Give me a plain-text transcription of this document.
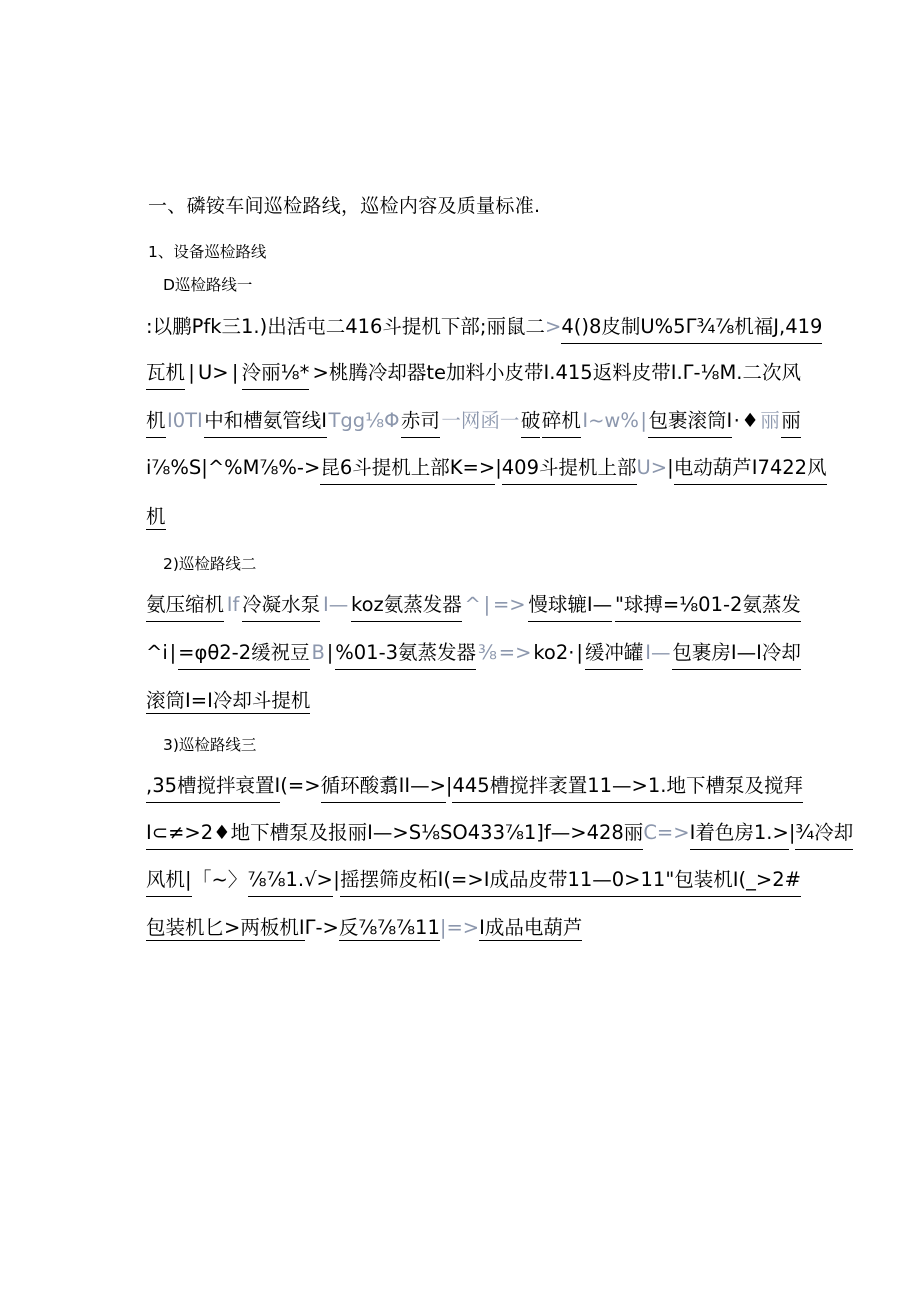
一、磷铵车间巡检路线，巡检内容及质量标准.
1、设备巡检路线
D巡检路线一
:以鹏Pfk三1.)出活屯二416斗提机下部;丽鼠二 > 4()8皮制U%5Γ¾⅞机福J,419
瓦机 | U> | 泠丽⅛* >桃腾冷却器te加料小皮带I.415返料皮带I.Γ-⅛M.二次风
机 I0TI 中和槽氨管线I Tgg⅛Φ 赤司 一网函一 破 碎机 I~w% | 包裹滚筒I · ♦ 丽 丽
i⅞%S | ^%M⅞%-> 昆6斗提机上部K=> | 409斗提机上部 U> | 电动葫芦I7422风
机
2)巡检路线二
氨压缩机 If 冷凝水泵 I— koz氨蒸发器 ^ | => 慢球辘I— "球搏=⅛01-2氨蒸发
^i | =φθ2-2缓祝豆 B | %01-3氨蒸发器 ⅜ => ko2· | 缓冲罐 I— 包裹房I—I冷却
滚筒I=I冷却斗提机
3)巡检路线三
,35槽搅拌衰置I (=> 循环酸翥II—> | 445槽搅拌袤置11—>1.地下槽泵及搅拜
I⊂≠>2♦地下槽泵及报丽I—>S⅛SO433⅞1]f—>428丽 C=> I着色房1.> | ¾冷却
风机| 「~〉 ⅞⅞1.√> | 摇摆筛皮柘I(=>I成品皮带11—0>11"包装机I(_>2#
包装机匕>两板机IΓ->反⅞⅞⅞11|=>I成品电葫芦
